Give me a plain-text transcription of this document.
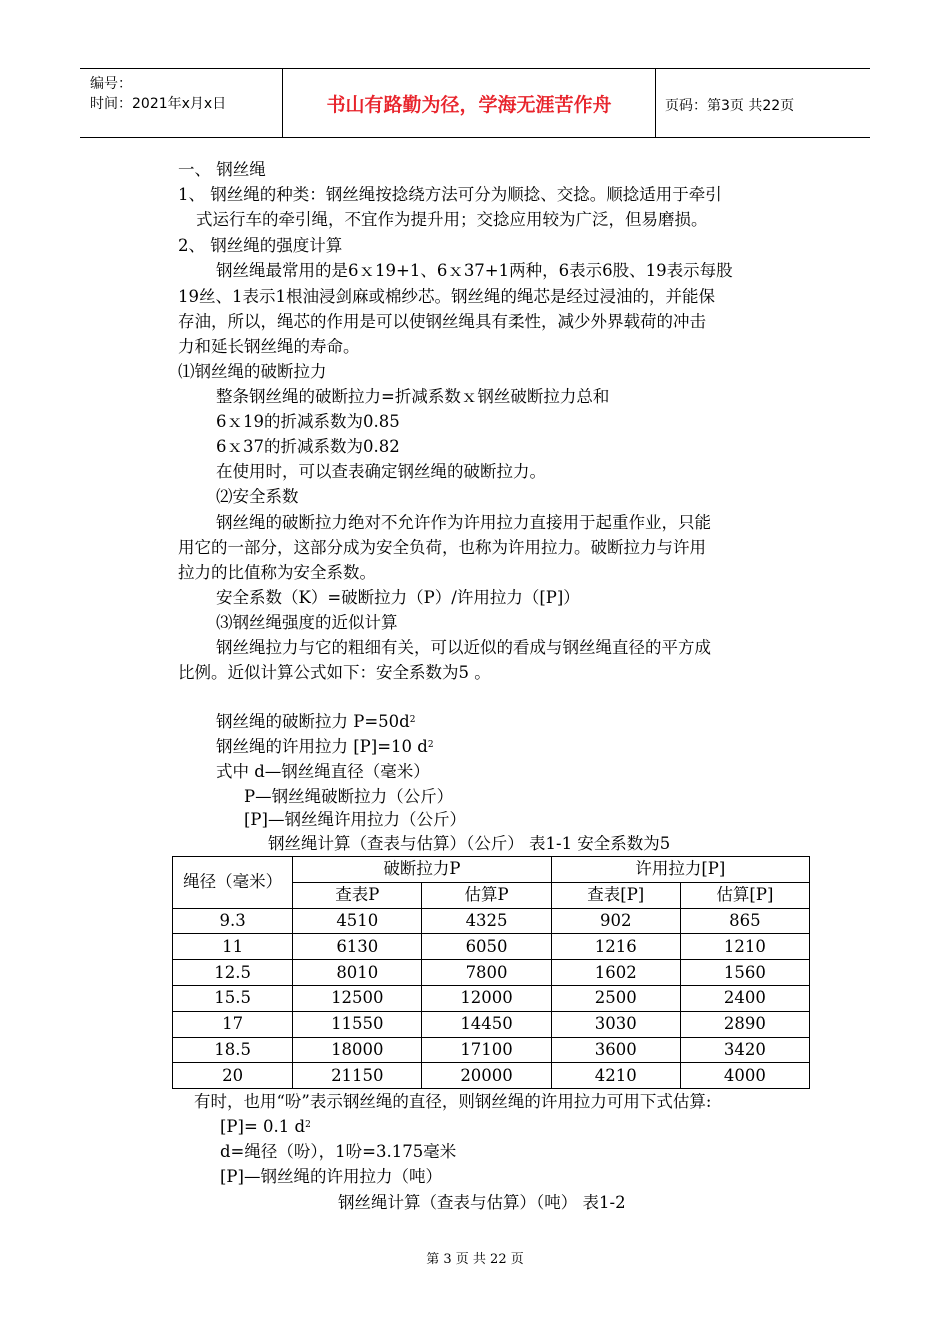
编号：
时间：2021年x月x日	书山有路勤为径，学海无涯苦作舟	页码：第3页 共22页
一、 钢丝绳
1、 钢丝绳的种类：钢丝绳按捻绕方法可分为顺捻、交捻。顺捻适用于牵引
式运行车的牵引绳，不宜作为提升用；交捻应用较为广泛，但易磨损。
2、 钢丝绳的强度计算
钢丝绳最常用的是6ｘ19+1、6ｘ37+1两种，6表示6股、19表示每股
19丝、1表示1根油浸剑麻或棉纱芯。钢丝绳的绳芯是经过浸油的，并能保
存油，所以，绳芯的作用是可以使钢丝绳具有柔性，减少外界载荷的冲击
力和延长钢丝绳的寿命。
⑴钢丝绳的破断拉力
整条钢丝绳的破断拉力=折减系数ｘ钢丝破断拉力总和
6ｘ19的折减系数为0.85
6ｘ37的折减系数为0.82
在使用时，可以查表确定钢丝绳的破断拉力。
⑵安全系数
钢丝绳的破断拉力绝对不允许作为许用拉力直接用于起重作业，只能
用它的一部分，这部分成为安全负荷，也称为许用拉力。破断拉力与许用
拉力的比值称为安全系数。
安全系数（K）=破断拉力（P）/许用拉力（[P]）
⑶钢丝绳强度的近似计算
钢丝绳拉力与它的粗细有关，可以近似的看成与钢丝绳直径的平方成
比例。近似计算公式如下：安全系数为5 。
钢丝绳的破断拉力 $P=50d^2$
钢丝绳的许用拉力 [P]=10 $d^2$
式中 d—钢丝绳直径（毫米）
P—钢丝绳破断拉力（公斤）
[P]—钢丝绳许用拉力（公斤）
钢丝绳计算（查表与估算）（公斤） 表1-1 安全系数为5
绳径（毫米）	破断拉力P		许用拉力[P]	
	查表P	估算P	查表[P]	估算[P]
9.3	4510	4325	902	865
11	6130	6050	1216	1210
12.5	8010	7800	1602	1560
15.5	12500	12000	2500	2400
17	11550	14450	3030	2890
18.5	18000	17100	3600	3420
20	21150	20000	4210	4000
有时，也用“吩”表示钢丝绳的直径，则钢丝绳的许用拉力可用下式估算:
[P]= 0.1 $d^2$
d=绳径（吩），1吩=3.175毫米
[P]—钢丝绳的许用拉力（吨）
钢丝绳计算（查表与估算）（吨） 表1-2
第 3 页 共 22 页
